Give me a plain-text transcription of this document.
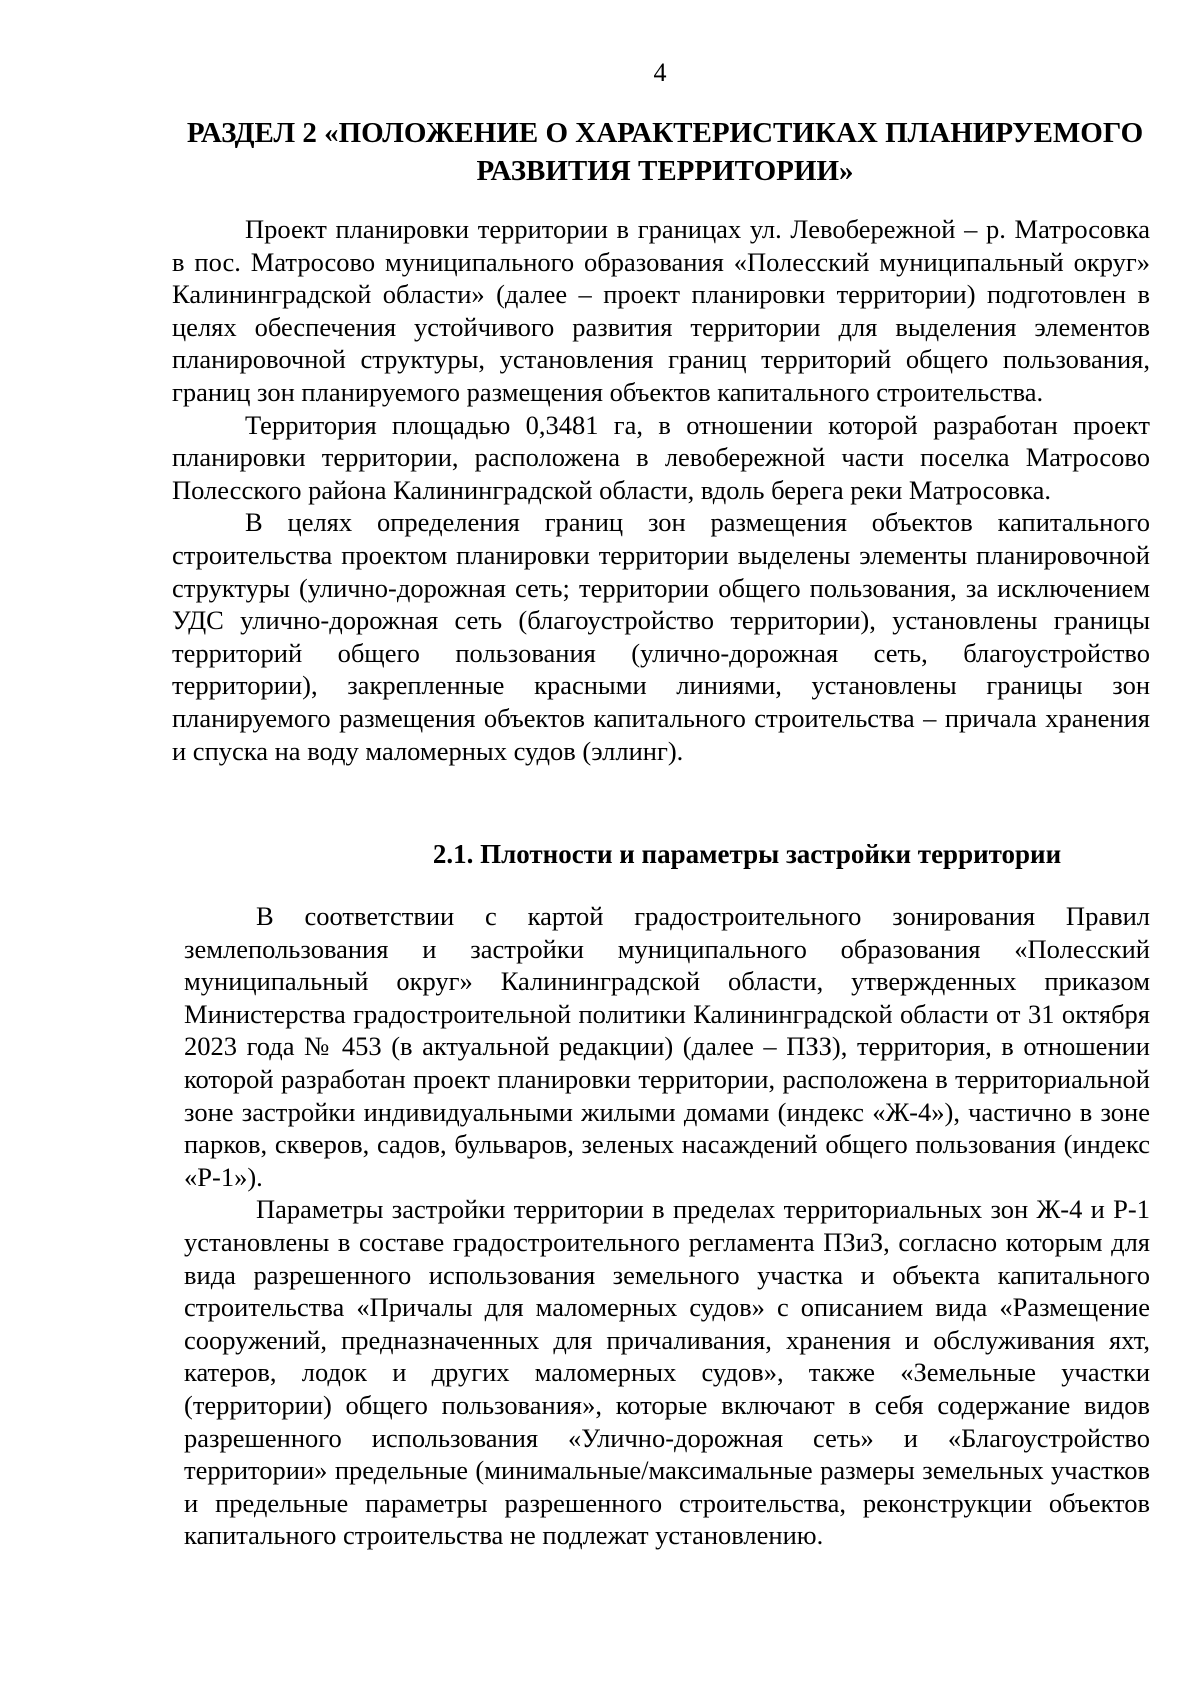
4
РАЗДЕЛ 2 «ПОЛОЖЕНИЕ О ХАРАКТЕРИСТИКАХ ПЛАНИРУЕМОГО РАЗВИТИЯ ТЕРРИТОРИИ»

Проект планировки территории в границах ул. Левобережной – р. Матросовка в пос. Матросово муниципального образования «Полесский муниципальный округ» Калининградской области» (далее – проект планировки территории) подготовлен в целях обеспечения устойчивого развития территории для выделения элементов планировочной структуры, установления границ территорий общего пользования, границ зон планируемого размещения объектов капитального строительства.

Территория площадью 0,3481 га, в отношении которой разработан проект планировки территории, расположена в левобережной части поселка Матросово Полесского района Калининградской области, вдоль берега реки Матросовка.

В целях определения границ зон размещения объектов капитального строительства проектом планировки территории выделены элементы планировочной структуры (улично-дорожная сеть; территории общего пользования, за исключением УДС улично-дорожная сеть (благоустройство территории), установлены границы территорий общего пользования (улично-дорожная сеть, благоустройство территории), закрепленные красными линиями, установлены границы зон планируемого размещения объектов капитального строительства – причала хранения и спуска на воду маломерных судов (эллинг).

2.1. Плотности и параметры застройки территории

В соответствии с картой градостроительного зонирования Правил землепользования и застройки муниципального образования «Полесский муниципальный округ» Калининградской области, утвержденных приказом Министерства градостроительной политики Калининградской области от 31 октября 2023 года № 453 (в актуальной редакции) (далее – ПЗЗ), территория, в отношении которой разработан проект планировки территории, расположена в территориальной зоне застройки индивидуальными жилыми домами (индекс «Ж-4»), частично в зоне парков, скверов, садов, бульваров, зеленых насаждений общего пользования (индекс «Р-1»).

Параметры застройки территории в пределах территориальных зон Ж-4 и Р-1 установлены в составе градостроительного регламента ПЗиЗ, согласно которым для вида разрешенного использования земельного участка и объекта капитального строительства «Причалы для маломерных судов» с описанием вида «Размещение сооружений, предназначенных для причаливания, хранения и обслуживания яхт, катеров, лодок и других маломерных судов», также «Земельные участки (территории) общего пользования», которые включают в себя содержание видов разрешенного использования «Улично-дорожная сеть» и «Благоустройство территории» предельные (минимальные/максимальные размеры земельных участков и предельные параметры разрешенного строительства, реконструкции объектов капитального строительства не подлежат установлению.
